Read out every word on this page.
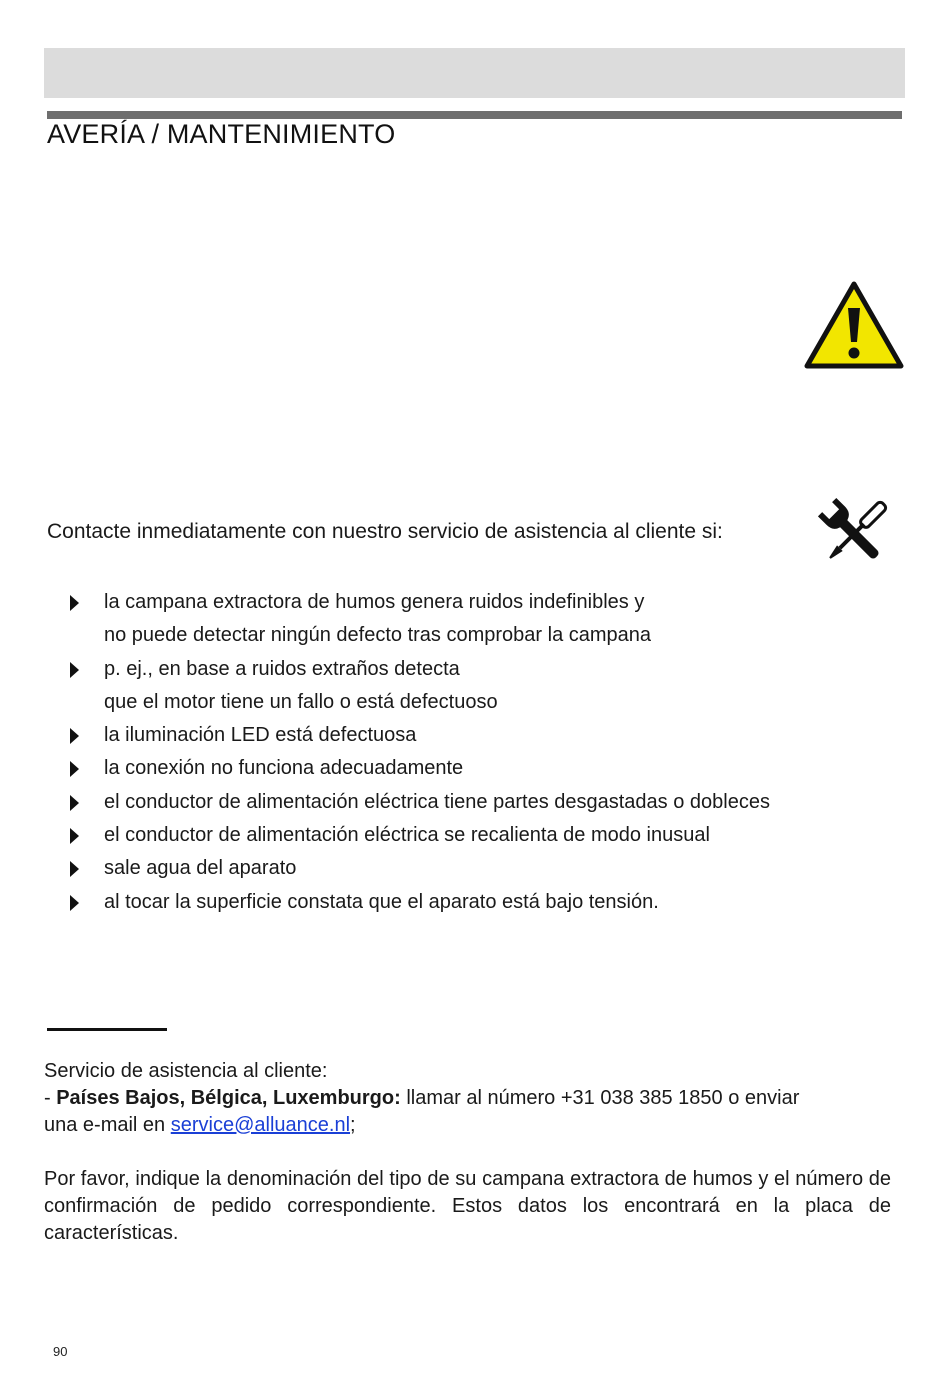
AVERÍA / MANTENIMIENTO
Contacte inmediatamente con nuestro servicio de asistencia al cliente si:
la campana extractora de humos genera ruidos indefinibles y
no puede detectar ningún defecto tras comprobar la campana
p. ej., en base a ruidos extraños detecta
que el motor tiene un fallo o está defectuoso
la iluminación LED está defectuosa
la conexión no funciona adecuadamente
el conductor de alimentación eléctrica tiene partes desgastadas o dobleces
el conductor de alimentación eléctrica se recalienta de modo inusual
sale agua del aparato
al tocar la superficie constata que el aparato está bajo tensión.

Servicio de asistencia al cliente:

- Países Bajos, Bélgica, Luxemburgo: llamar al número +31 038 385 1850 o enviar
una e-mail en service@alluance.nl;

Por favor, indique la denominación del tipo de su campana extractora de humos y el número de confirmación de pedido correspondiente. Estos datos los encontrará en la placa de características.

90
